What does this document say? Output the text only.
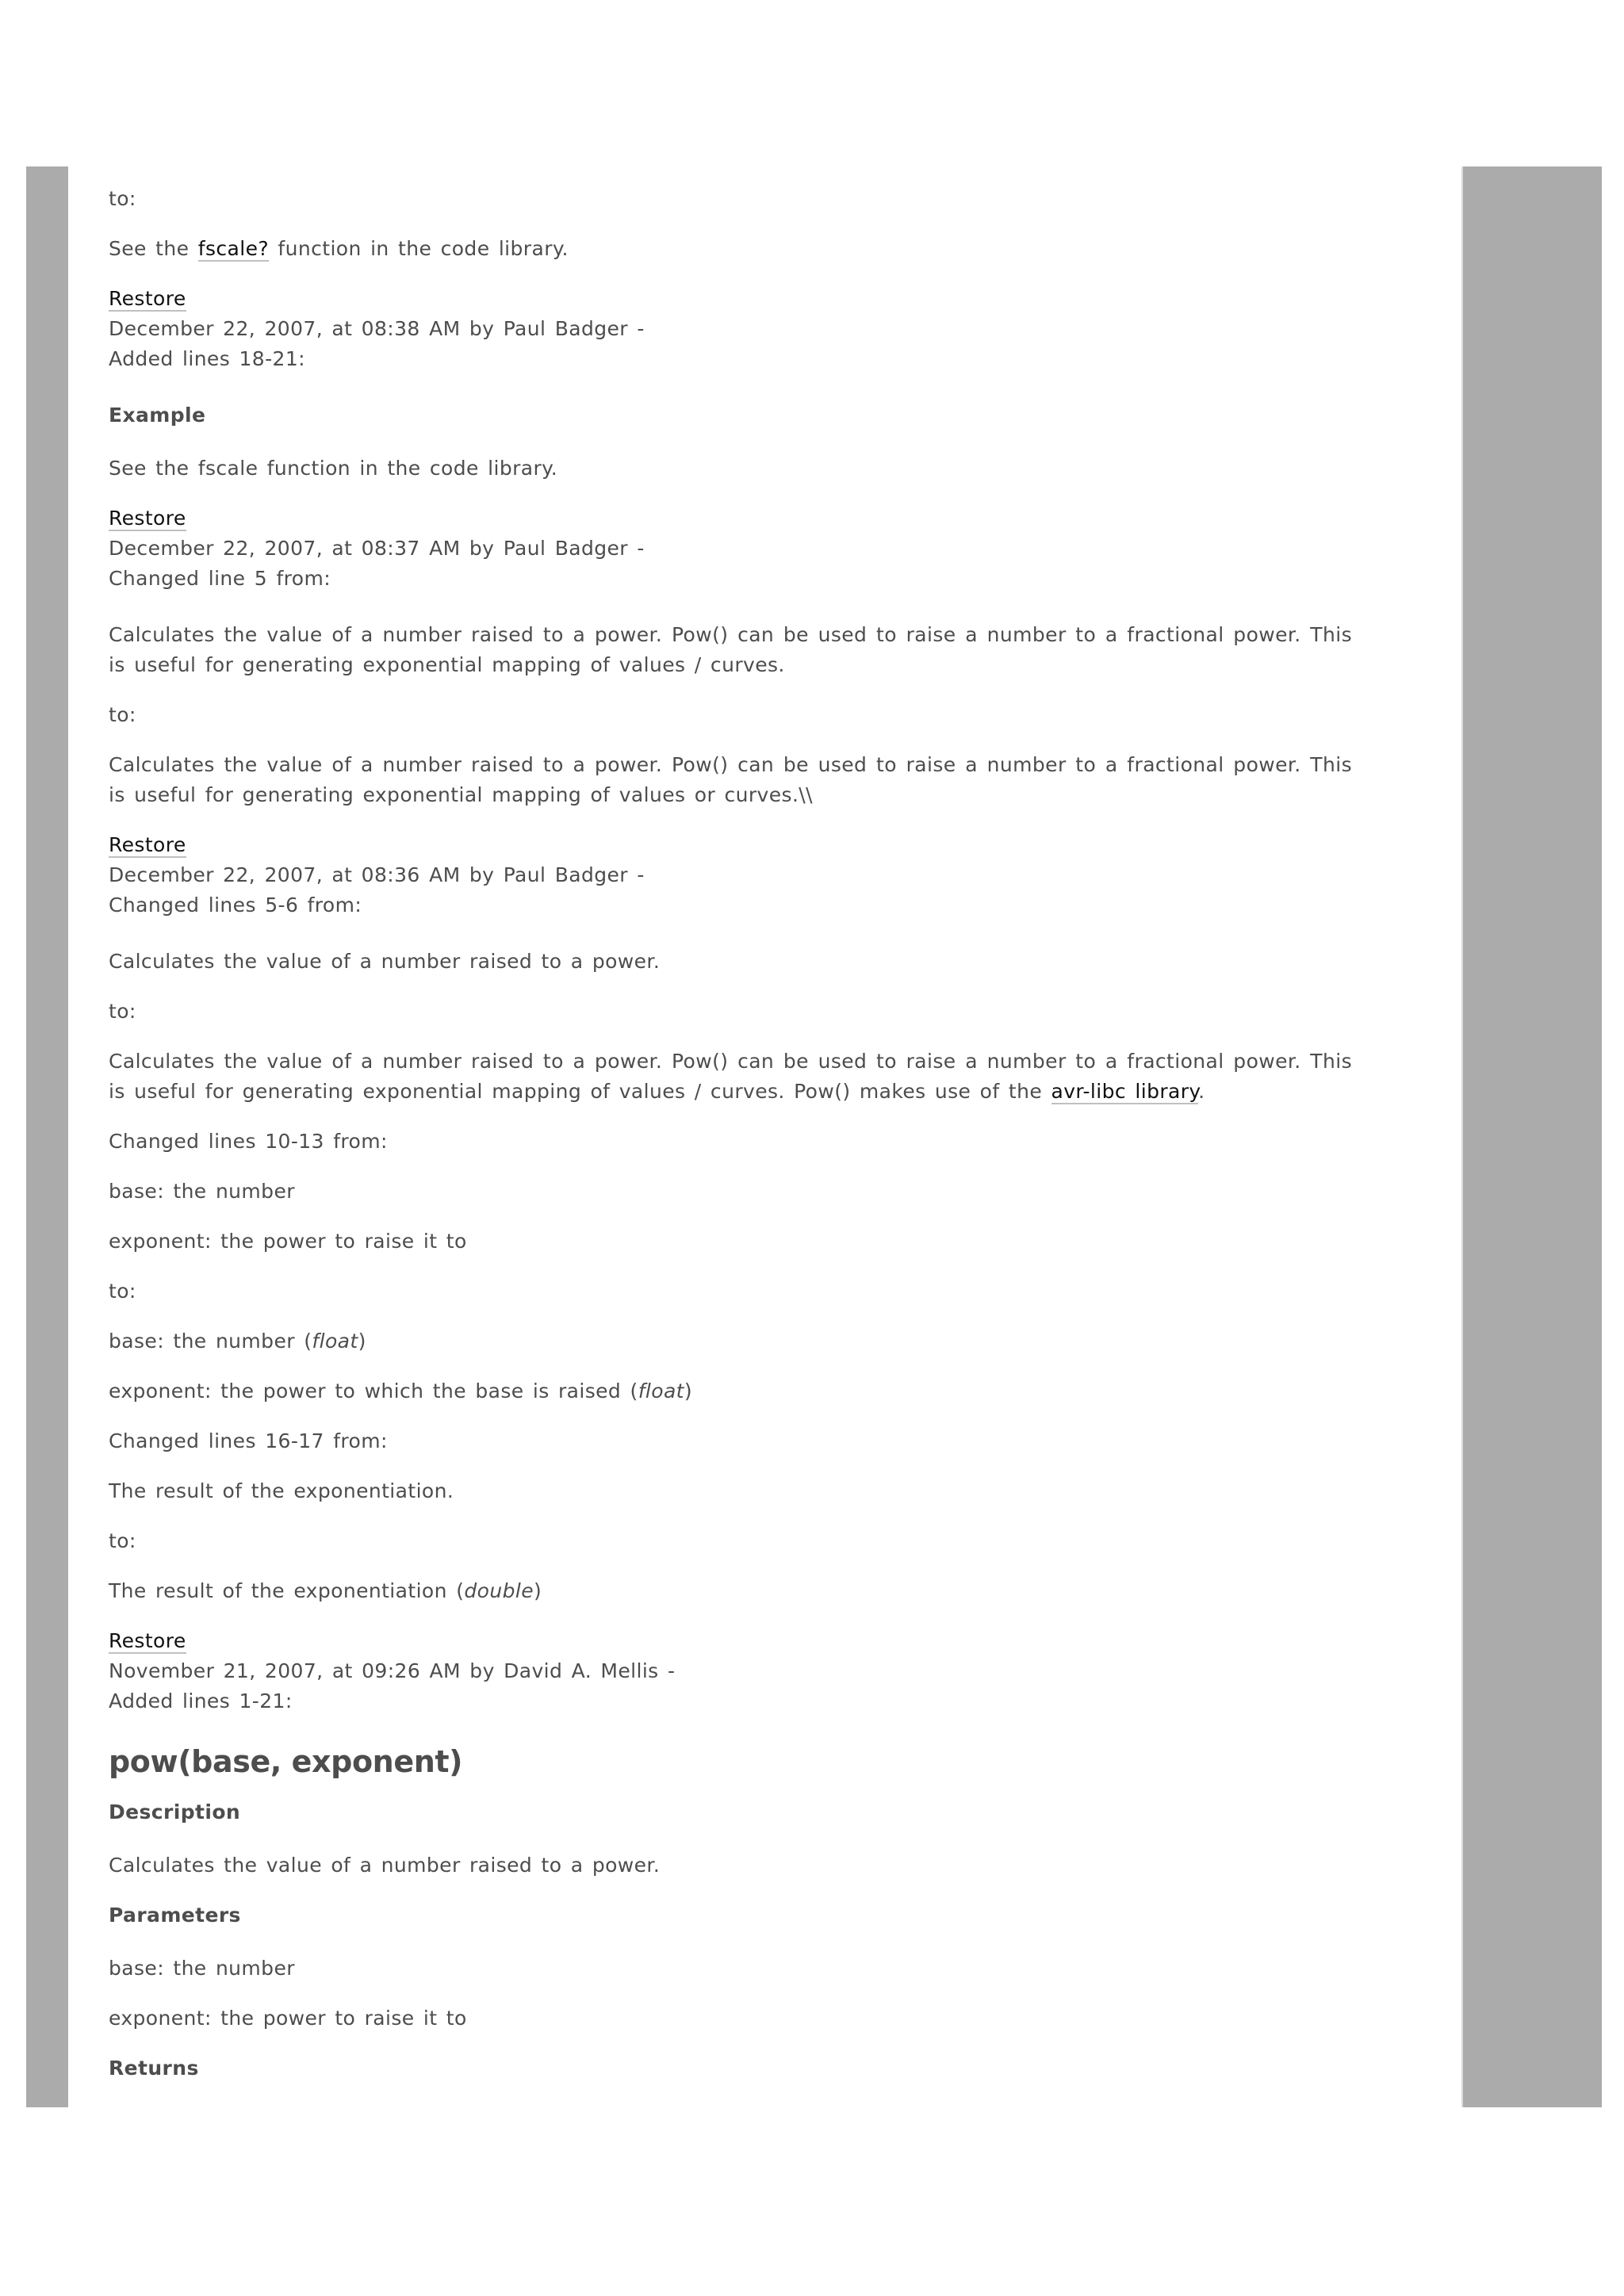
to:

See the fscale? function in the code library.

Restore
December 22, 2007, at 08:38 AM by Paul Badger -
Added lines 18-21:

Example

See the fscale function in the code library.

Restore
December 22, 2007, at 08:37 AM by Paul Badger -
Changed line 5 from:

Calculates the value of a number raised to a power. Pow() can be used to raise a number to a fractional power. This is useful for generating exponential mapping of values / curves.

to:

Calculates the value of a number raised to a power. Pow() can be used to raise a number to a fractional power. This is useful for generating exponential mapping of values or curves.\\

Restore
December 22, 2007, at 08:36 AM by Paul Badger -
Changed lines 5-6 from:

Calculates the value of a number raised to a power.

to:

Calculates the value of a number raised to a power. Pow() can be used to raise a number to a fractional power. This is useful for generating exponential mapping of values / curves. Pow() makes use of the avr-libc library.

Changed lines 10-13 from:

base: the number

exponent: the power to raise it to

to:

base: the number (float)

exponent: the power to which the base is raised (float)

Changed lines 16-17 from:

The result of the exponentiation.

to:

The result of the exponentiation (double)

Restore
November 21, 2007, at 09:26 AM by David A. Mellis -
Added lines 1-21:

pow(base, exponent)
Description

Calculates the value of a number raised to a power.

Parameters

base: the number

exponent: the power to raise it to

Returns
